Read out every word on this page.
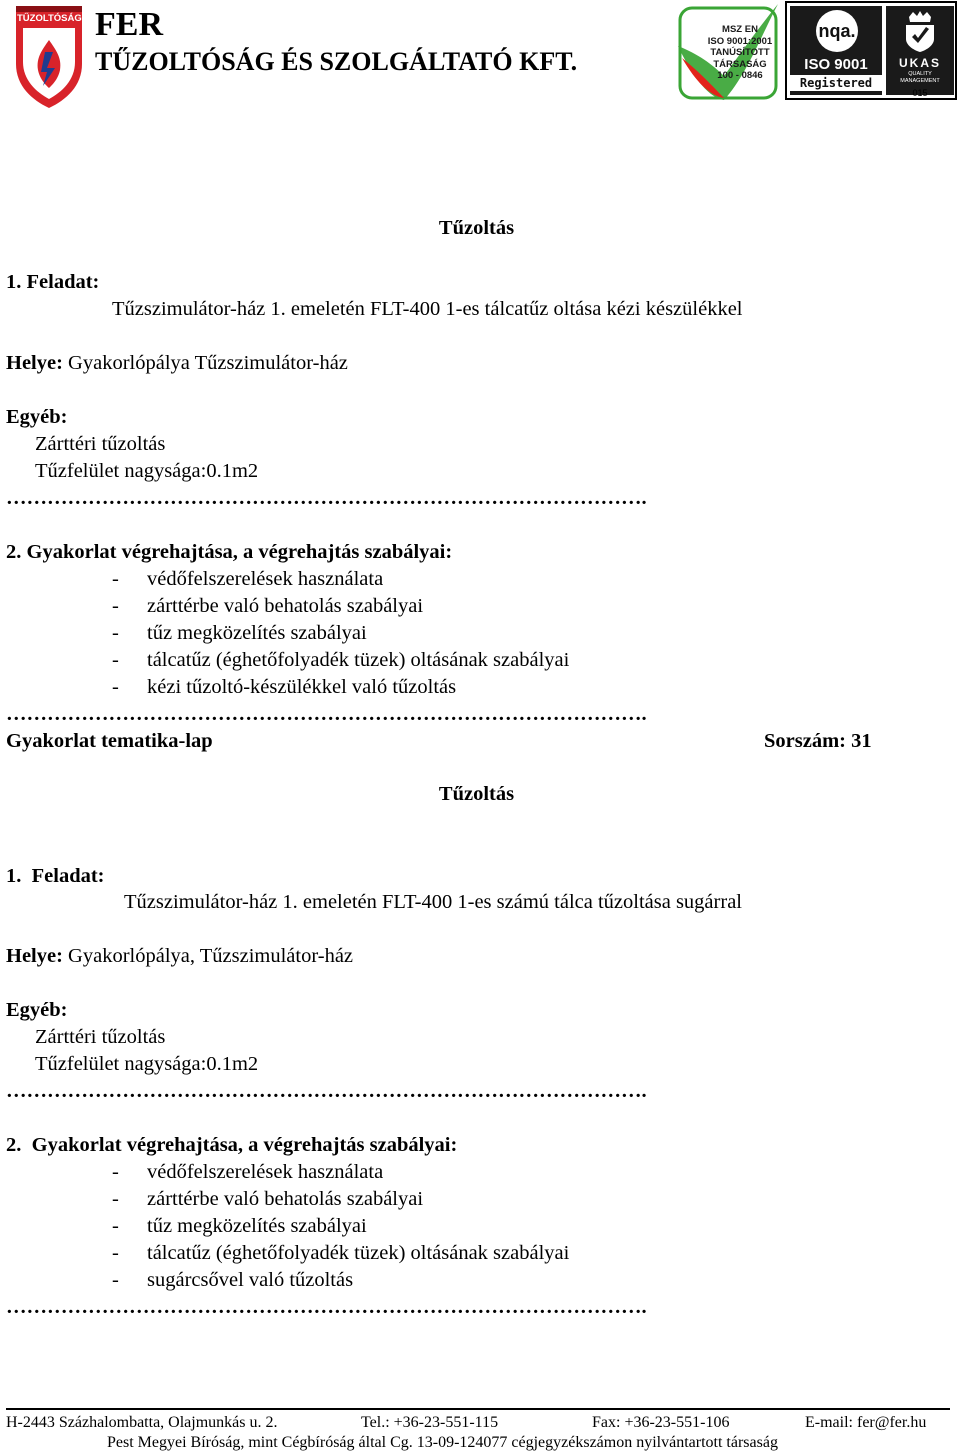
TŰZOLTÓSÁG FER
TŰZOLTÓSÁG ÉS SZOLGÁLTATÓ KFT.
MSZ EN
ISO 9001:2001
TANÚSÍTOTT
TÁRSASÁG
100 - 0846
nqa.
ISO 9001
Registered
UKAS
QUALITY
MANAGEMENT
015
Tűzoltás
1. Feladat:
Tűzszimulátor-ház 1. emeletén FLT-400 1-es tálcatűz oltása kézi készülékkel
Helye: Gyakorlópálya Tűzszimulátor-ház
Egyéb:
Zárttéri tűzoltás
Tűzfelület nagysága:0.1m2
………………………………………………………………………………….
2. Gyakorlat végrehajtása, a végrehajtás szabályai:
- védőfelszerelések használata
- zárttérbe való behatolás szabályai
- tűz megközelítés szabályai
- tálcatűz (éghetőfolyadék tüzek) oltásának szabályai
- kézi tűzoltó-készülékkel való tűzoltás
………………………………………………………………………………….
Gyakorlat tematika-lap	Sorszám: 31
Tűzoltás
1.  Feladat:
Tűzszimulátor-ház 1. emeletén FLT-400 1-es számú tálca tűzoltása sugárral
Helye: Gyakorlópálya, Tűzszimulátor-ház
Egyéb:
Zárttéri tűzoltás
Tűzfelület nagysága:0.1m2
………………………………………………………………………………….
2.  Gyakorlat végrehajtása, a végrehajtás szabályai:
- védőfelszerelések használata
- zárttérbe való behatolás szabályai
- tűz megközelítés szabályai
- tálcatűz (éghetőfolyadék tüzek) oltásának szabályai
- sugárcsővel való tűzoltás
………………………………………………………………………………….
H-2443 Százhalombatta, Olajmunkás u. 2.	Tel.: +36-23-551-115	Fax: +36-23-551-106	E-mail: fer@fer.hu
Pest Megyei Bíróság, mint Cégbíróság által Cg. 13-09-124077 cégjegyzékszámon nyilvántartott társaság
